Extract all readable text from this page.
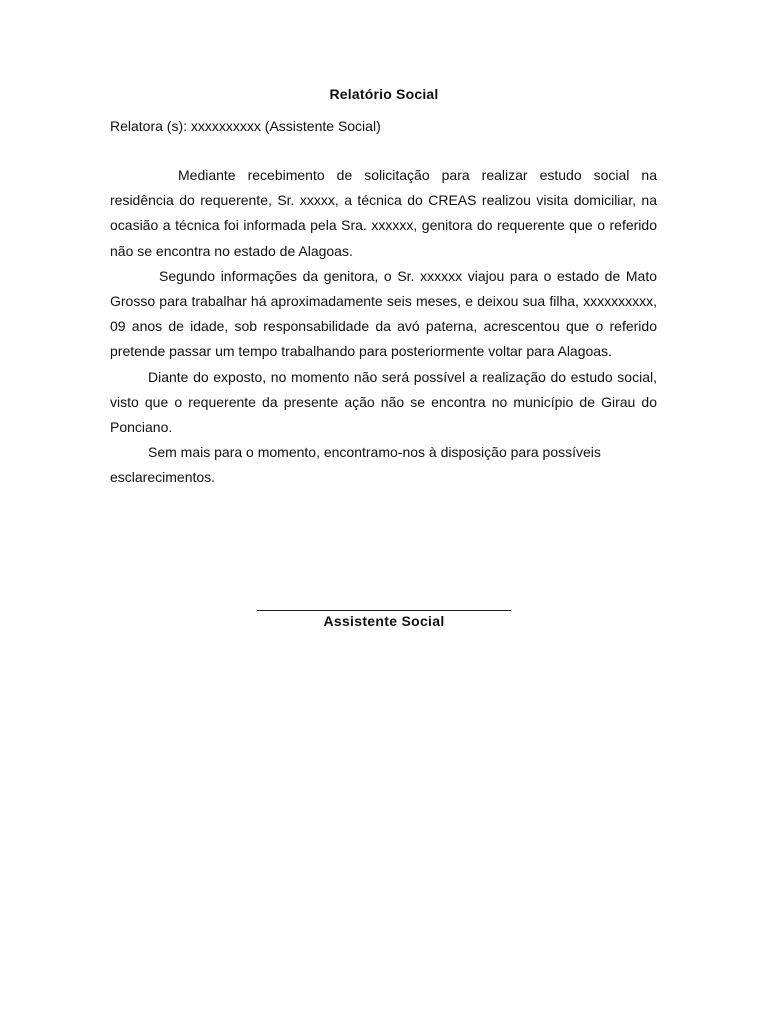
Relatório Social
Relatora (s): xxxxxxxxxx (Assistente Social)

Mediante recebimento de solicitação para realizar estudo social na residência do requerente, Sr. xxxxx, a técnica do CREAS realizou visita domiciliar, na ocasião a técnica foi informada pela Sra. xxxxxx, genitora do requerente que o referido não se encontra no estado de Alagoas.

Segundo informações da genitora, o Sr. xxxxxx viajou para o estado de Mato Grosso para trabalhar há aproximadamente seis meses, e deixou sua filha, xxxxxxxxxx, 09 anos de idade, sob responsabilidade da avó paterna, acrescentou que o referido pretende passar um tempo trabalhando para posteriormente voltar para Alagoas.

Diante do exposto, no momento não será possível a realização do estudo social, visto que o requerente da presente ação não se encontra no município de Girau do Ponciano.

Sem mais para o momento, encontramo-nos à disposição para possíveis esclarecimentos.

Assistente Social
